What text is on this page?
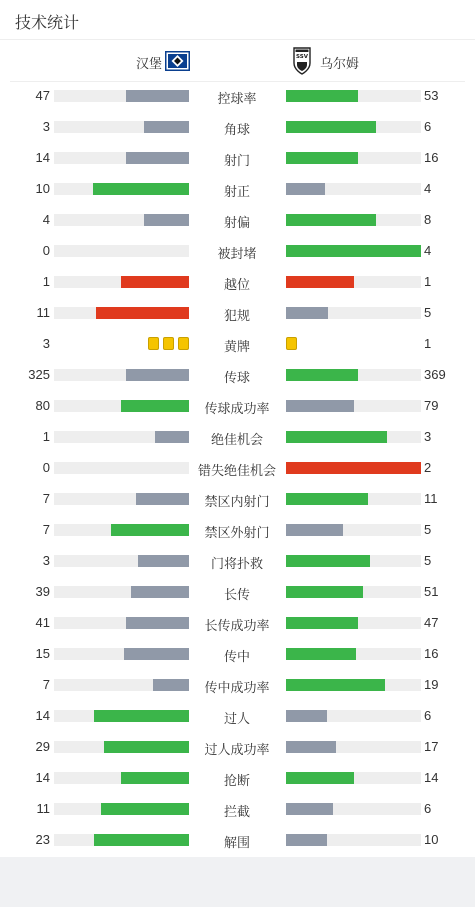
技术统计
汉堡	SSV 乌尔姆
47	控球率	53
3	角球	6
14	射门	16
10	射正	4
4	射偏	8
0	被封堵	4
1	越位	1
11	犯规	5
3	黄牌	1
325	传球	369
80	传球成功率	79
1	绝佳机会	3
0	错失绝佳机会	2
7	禁区内射门	11
7	禁区外射门	5
3	门将扑救	5
39	长传	51
41	长传成功率	47
15	传中	16
7	传中成功率	19
14	过人	6
29	过人成功率	17
14	抢断	14
11	拦截	6
23	解围	10
